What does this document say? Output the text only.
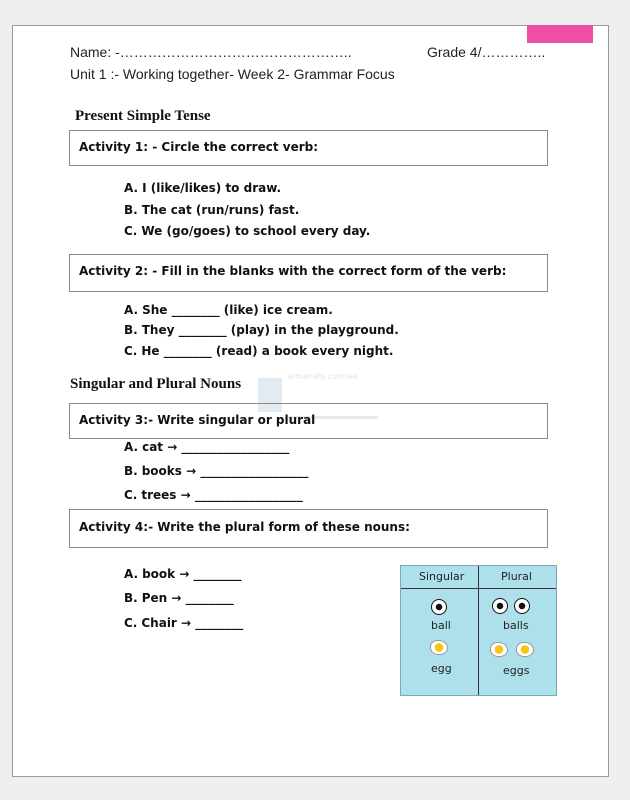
Name: -…………………………………………..	Grade 4/…………..
Unit 1 :- Working together- Week 2- Grammar Focus
Present Simple Tense
Activity 1: - Circle the correct verb:
A. I (like/likes) to draw.
B. The cat (run/runs) fast.
C. We (go/goes) to school every day.
Activity 2: - Fill in the blanks with the correct form of the verb:
A. She ________ (like) ice cream.
B. They ________ (play) in the playground.
C. He ________ (read) a book every night.
Singular and Plural Nouns	almanahj.com/ae
Activity 3:- Write singular or plural
A. cat → __________________
B. books → __________________
C. trees → __________________
Activity 4:- Write the plural form of these nouns:
A. book → ________
B. Pen → ________
C. Chair → ________
Singular	Plural
ball	balls
egg	eggs
